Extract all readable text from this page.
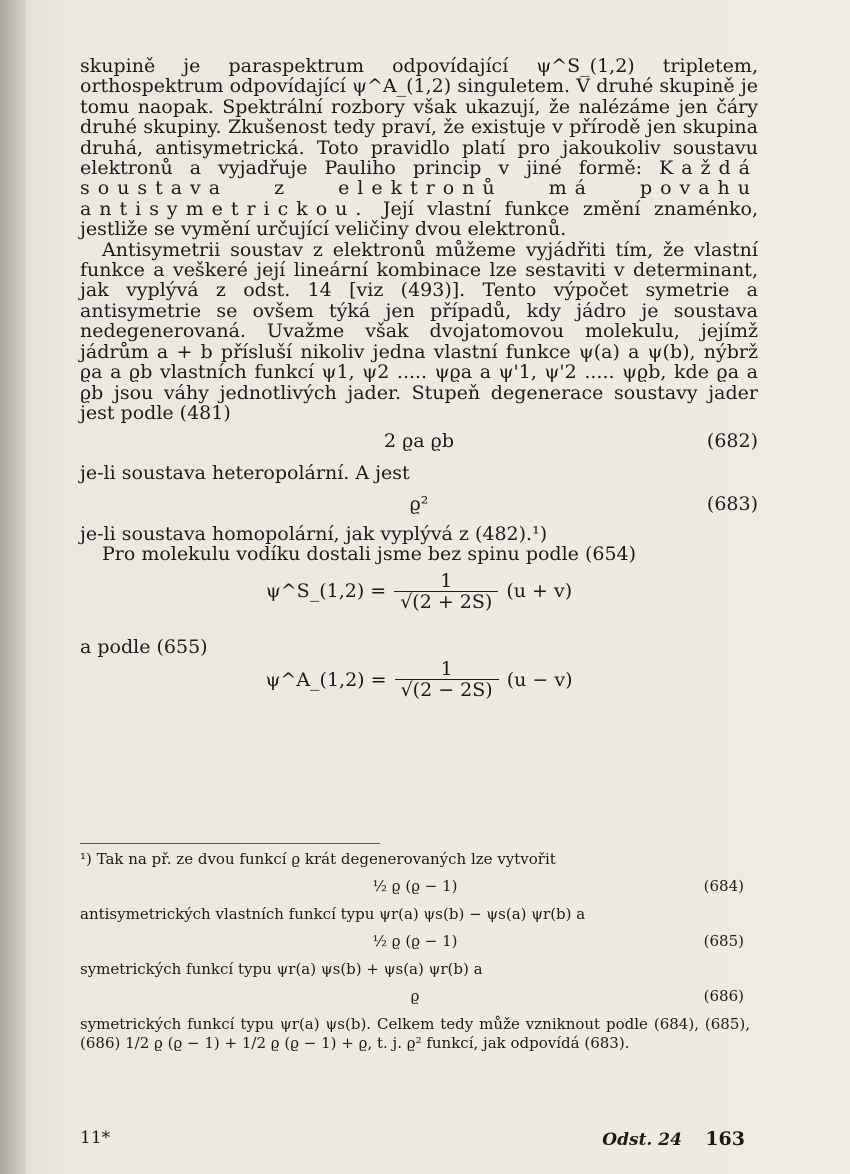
skupině je paraspektrum odpovídající ψ^S_(1,2) tripletem, orthospektrum odpovídající ψ^A_(1,2) singuletem. V druhé skupině je tomu naopak. Spektrální rozbory však ukazují, že nalézáme jen čáry druhé skupiny. Zkušenost tedy praví, že existuje v přírodě jen skupina druhá, antisymetrická. Toto pravidlo platí pro jakoukoliv soustavu elektronů a vyjadřuje Pauliho princip v jiné formě: Každá soustava z elektronů má povahu antisymetrickou. Její vlastní funkce změní znaménko, jestliže se vymění určující veličiny dvou elektronů.

Antisymetrii soustav z elektronů můžeme vyjádřiti tím, že vlastní funkce a veškeré její lineární kombinace lze sestaviti v determinant, jak vyplývá z odst. 14 [viz (493)]. Tento výpočet symetrie a antisymetrie se ovšem týká jen případů, kdy jádro je soustava nedegenerovaná. Uvažme však dvojatomovou molekulu, jejímž jádrům a + b přísluší nikoliv jedna vlastní funkce ψ(a) a ψ(b), nýbrž ϱa a ϱb vlastních funkcí ψ1, ψ2 ..... ψϱa a ψ'1, ψ'2 ..... ψϱb, kde ϱa a ϱb jsou váhy jednotlivých jader. Stupeň degenerace soustavy jader jest podle (481)

2 ϱa ϱb	(682)

je-li soustava heteropolární. A jest

ϱ²	(683)

je-li soustava homopolární, jak vyplývá z (482).¹)

Pro molekulu vodíku dostali jsme bez spinu podle (654)

ψ^S_(1,2) = $\frac{1}{√(2 + 2S)} (u + v)$

a podle (655)

ψ^A_(1,2) = $\frac{1}{√(2 - 2S)} (u - v)$

¹) Tak na př. ze dvou funkcí ϱ krát degenerovaných lze vytvořit

½ ϱ (ϱ − 1)	(684)

antisymetrických vlastních funkcí typu ψr(a) ψs(b) − ψs(a) ψr(b) a

½ ϱ (ϱ − 1)	(685)

symetrických funkcí typu ψr(a) ψs(b) + ψs(a) ψr(b) a

ϱ	(686)

symetrických funkcí typu ψr(a) ψs(b). Celkem tedy může vzniknout podle (684), (685), (686) 1/2 ϱ (ϱ − 1) + 1/2 ϱ (ϱ − 1) + ϱ, t. j. ϱ² funkcí, jak odpovídá (683).

11*	Odst. 24 163
